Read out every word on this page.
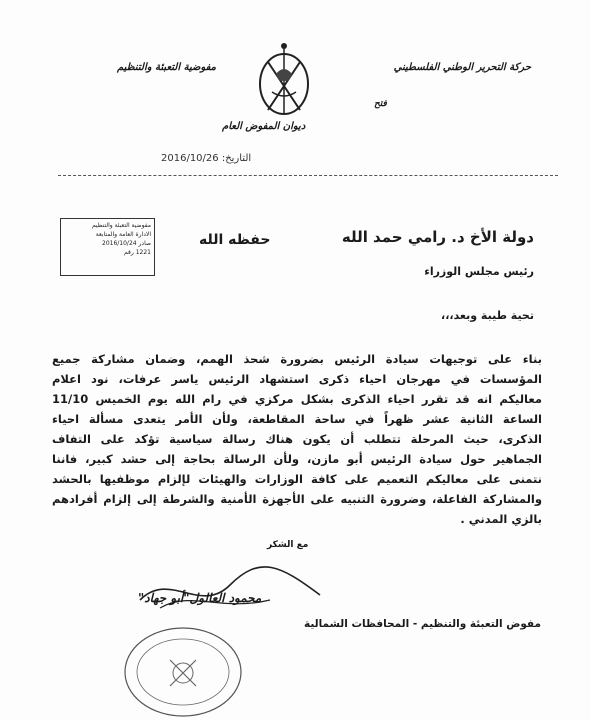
حركة التحرير الوطني الفلسطيني
مفوضية التعبئة والتنظيم
فتح
ديوان المفوض العام
التاريخ: 2016/10/26
مفوضية التعبئة والتنظيم
الادارة العامة والمتابعة
صادر 2016/10/24
1221 رقم
دولة الأخ د. رامي حمد الله
حفظه الله
رئيس مجلس الوزراء
تحية طيبة وبعد،،،
بناء على توجيهات سيادة الرئيس بضرورة شحذ الهمم، وضمان مشاركة جميع
المؤسسات في مهرجان احياء ذكرى استشهاد الرئيس ياسر عرفات، نود اعلام
معاليكم انه قد تقرر احياء الذكرى بشكل مركزي في رام الله يوم الخميس 11/10
الساعة الثانية عشر ظهراً في ساحة المقاطعة، ولأن الأمر يتعدى مسألة احياء
الذكرى، حيث المرحلة تتطلب أن يكون هناك رسالة سياسية تؤكد على التفاف
الجماهير حول سيادة الرئيس أبو مازن، ولأن الرسالة بحاجة إلى حشد كبير، فاننا
نتمنى على معاليكم التعميم على كافة الوزارات والهيئات لإلزام موظفيها بالحشد
والمشاركة الفاعلة، وضرورة التنبيه على الأجهزة الأمنية والشرطة إلى إلزام أفرادهم
بالزي المدني .
مع الشكر
محمود العالول"أبو جهاد"
مفوض التعبئة والتنظيم - المحافظات الشمالية
